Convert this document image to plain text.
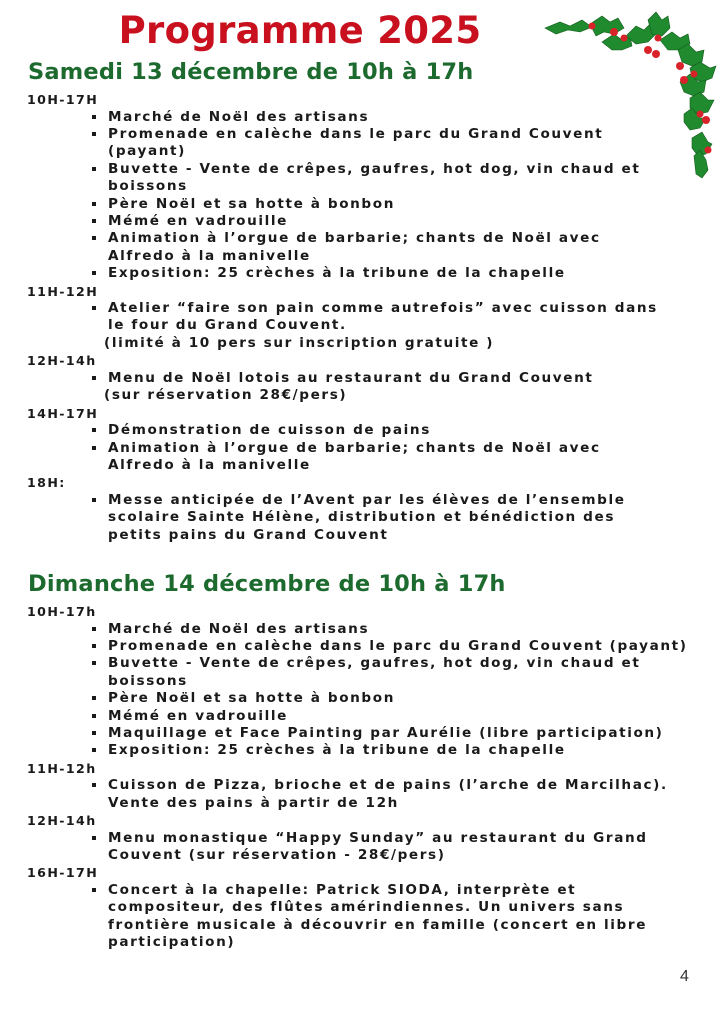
Programme 2025
Samedi 13 décembre de 10h à 17h

10H-17H

Marché de Noël des artisans
Promenade en calèche dans le parc du Grand Couvent (payant)
Buvette - Vente de crêpes, gaufres, hot dog, vin chaud et boissons
Père Noël et sa hotte à bonbon
Mémé en vadrouille
Animation à l’orgue de barbarie; chants de Noël avec Alfredo à la manivelle
Exposition: 25 crèches à la tribune de la chapelle

11H-12H

Atelier “faire son pain comme autrefois” avec cuisson dans le four du Grand Couvent.
(limité à 10 pers sur inscription gratuite )

12H-14h

Menu de Noël lotois au restaurant du Grand Couvent
(sur réservation 28€/pers)

14H-17H

Démonstration de cuisson de pains
Animation à l’orgue de barbarie; chants de Noël avec Alfredo à la manivelle

18H:

Messe anticipée de l’Avent par les élèves de l’ensemble scolaire Sainte Hélène, distribution et bénédiction des petits pains du Grand Couvent
Dimanche 14 décembre de 10h à 17h

10H-17h

Marché de Noël des artisans
Promenade en calèche dans le parc du Grand Couvent (payant)
Buvette - Vente de crêpes, gaufres, hot dog, vin chaud et boissons
Père Noël et sa hotte à bonbon
Mémé en vadrouille
Maquillage et Face Painting par Aurélie (libre participation)
Exposition: 25 crèches à la tribune de la chapelle

11H-12h

Cuisson de Pizza, brioche et de pains (l’arche de Marcilhac). Vente des pains à partir de 12h

12H-14h

Menu monastique “Happy Sunday” au restaurant du Grand Couvent (sur réservation - 28€/pers)

16H-17H

Concert à la chapelle: Patrick SIODA, interprète et compositeur, des flûtes amérindiennes. Un univers sans frontière musicale à découvrir en famille (concert en libre participation)
4
